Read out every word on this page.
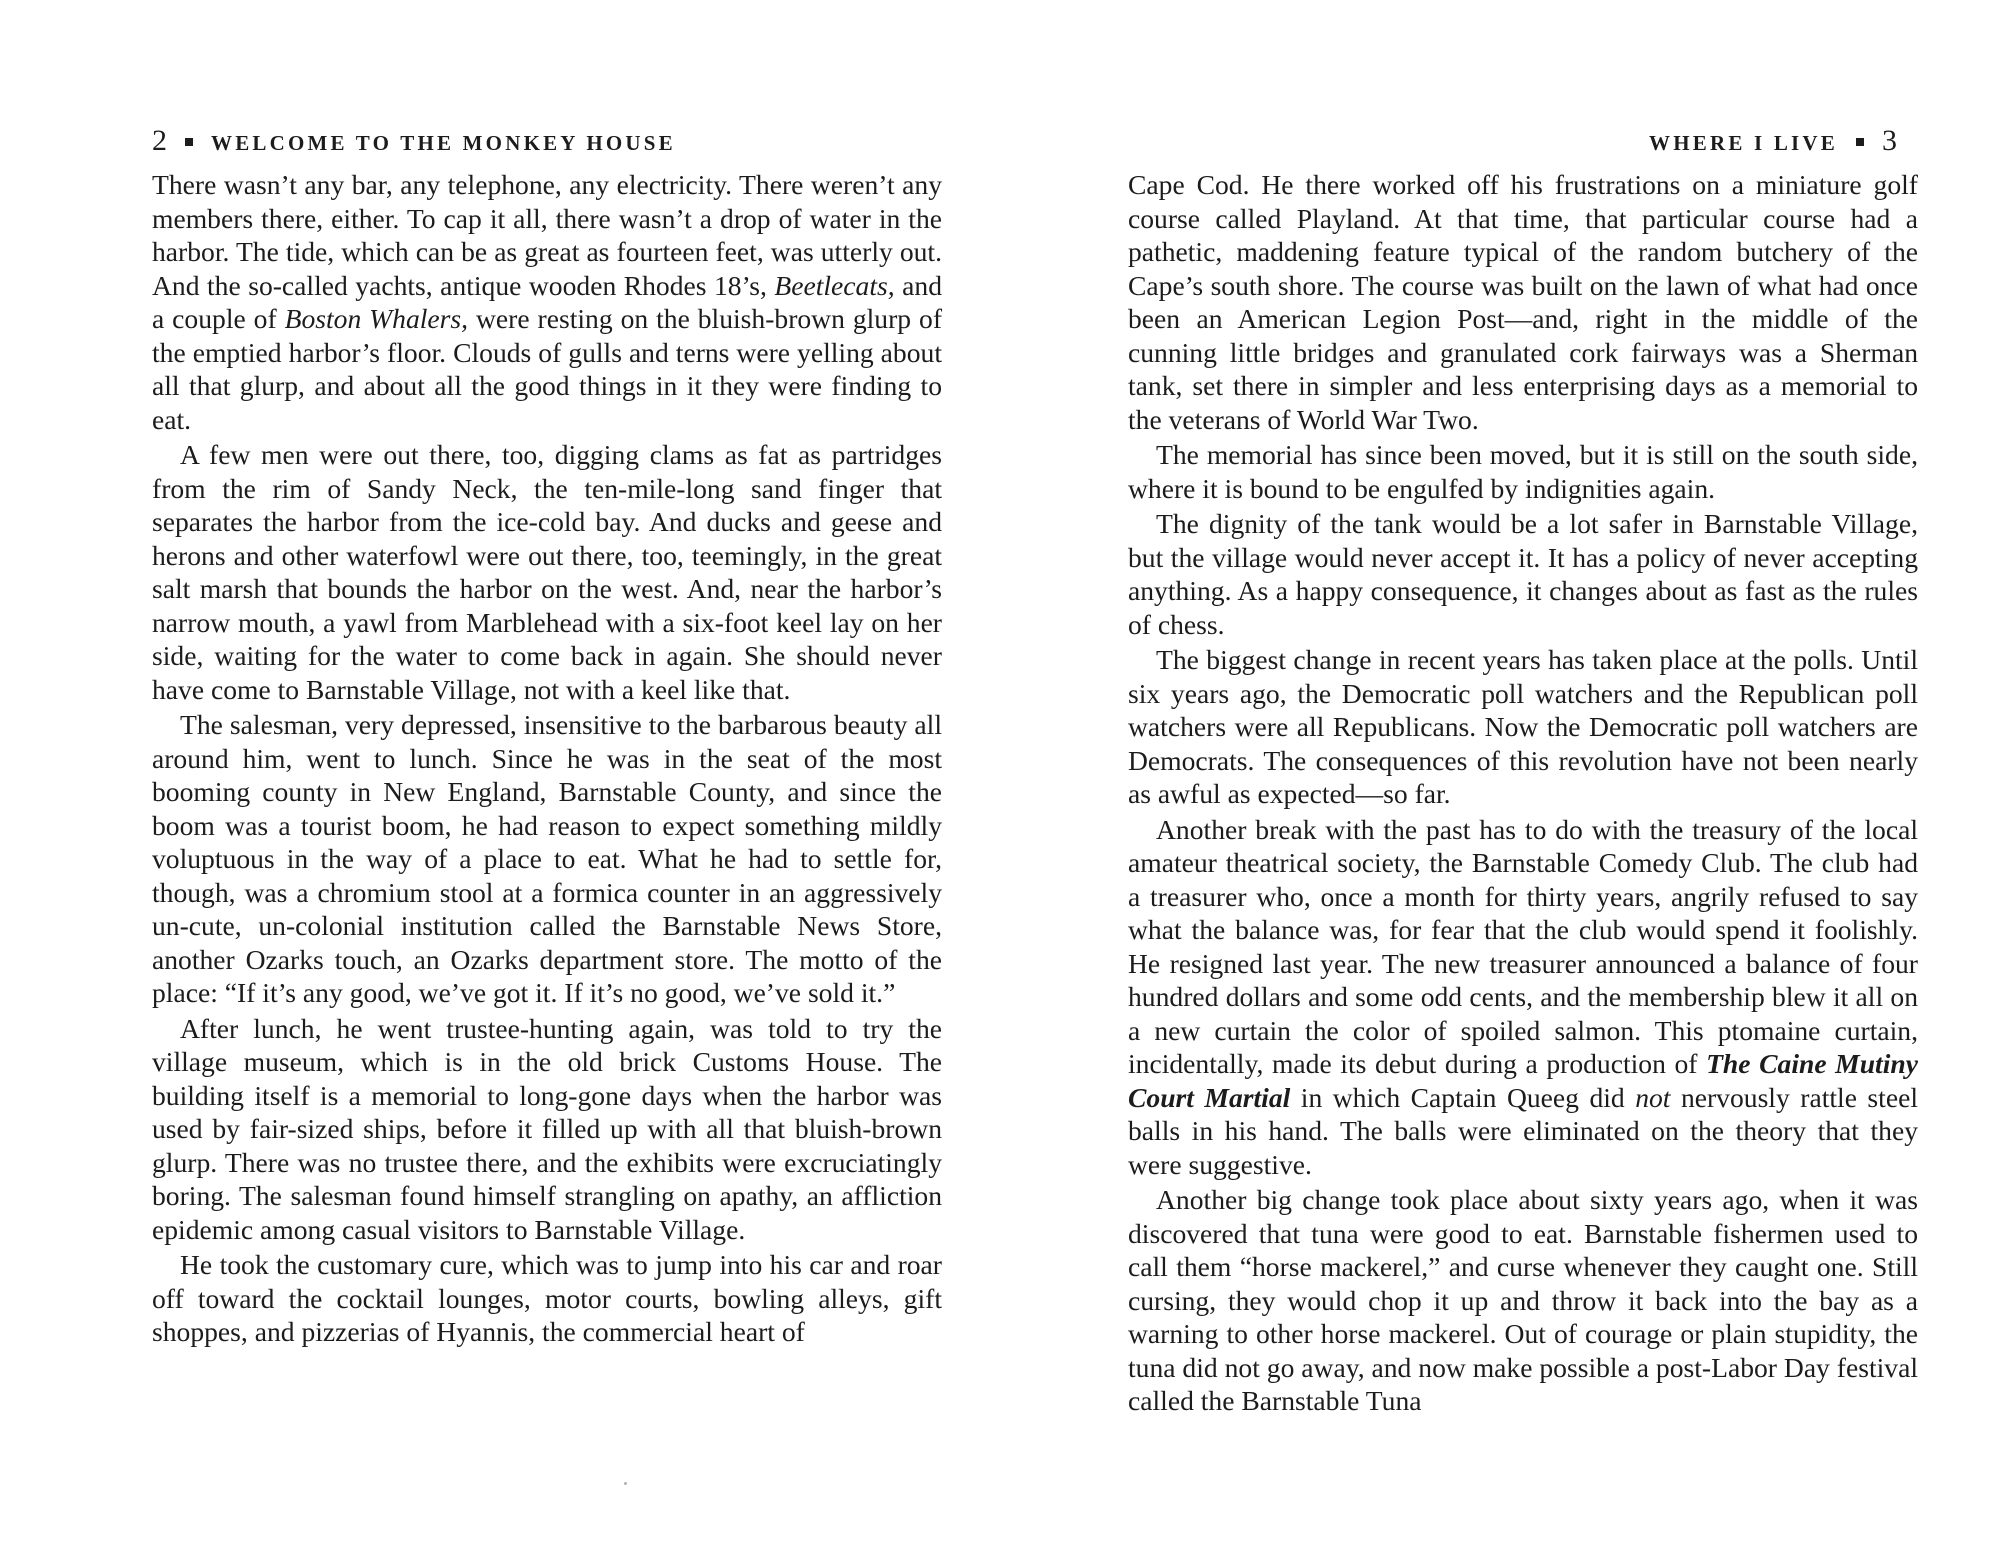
2 WELCOME TO THE MONKEY HOUSE

There wasn’t any bar, any telephone, any electricity. There weren’t any members there, either. To cap it all, there wasn’t a drop of water in the harbor. The tide, which can be as great as fourteen feet, was utterly out. And the so-called yachts, antique wooden Rhodes 18’s, Beetlecats, and a couple of Boston Whalers, were resting on the bluish-brown glurp of the emptied harbor’s floor. Clouds of gulls and terns were yelling about all that glurp, and about all the good things in it they were finding to eat.

A few men were out there, too, digging clams as fat as partridges from the rim of Sandy Neck, the ten-mile-long sand finger that separates the harbor from the ice-cold bay. And ducks and geese and herons and other waterfowl were out there, too, teemingly, in the great salt marsh that bounds the harbor on the west. And, near the harbor’s narrow mouth, a yawl from Marblehead with a six-foot keel lay on her side, waiting for the water to come back in again. She should never have come to Barnstable Village, not with a keel like that.

The salesman, very depressed, insensitive to the barbarous beauty all around him, went to lunch. Since he was in the seat of the most booming county in New England, Barnstable County, and since the boom was a tourist boom, he had reason to expect something mildly voluptuous in the way of a place to eat. What he had to settle for, though, was a chromium stool at a formica counter in an aggressively un-cute, un-colonial institution called the Barnstable News Store, another Ozarks touch, an Ozarks department store. The motto of the place: “If it’s any good, we’ve got it. If it’s no good, we’ve sold it.”

After lunch, he went trustee-hunting again, was told to try the village museum, which is in the old brick Customs House. The building itself is a memorial to long-gone days when the harbor was used by fair-sized ships, before it filled up with all that bluish-brown glurp. There was no trustee there, and the exhibits were excruciatingly boring. The salesman found himself strangling on apathy, an affliction epidemic among casual visitors to Barnstable Village.

He took the customary cure, which was to jump into his car and roar off toward the cocktail lounges, motor courts, bowling alleys, gift shoppes, and pizzerias of Hyannis, the commercial heart of

WHERE I LIVE 3

Cape Cod. He there worked off his frustrations on a miniature golf course called Playland. At that time, that particular course had a pathetic, maddening feature typical of the random butchery of the Cape’s south shore. The course was built on the lawn of what had once been an American Legion Post—and, right in the middle of the cunning little bridges and granulated cork fairways was a Sherman tank, set there in simpler and less enterprising days as a memorial to the veterans of World War Two.

The memorial has since been moved, but it is still on the south side, where it is bound to be engulfed by indignities again.

The dignity of the tank would be a lot safer in Barnstable Village, but the village would never accept it. It has a policy of never accepting anything. As a happy consequence, it changes about as fast as the rules of chess.

The biggest change in recent years has taken place at the polls. Until six years ago, the Democratic poll watchers and the Republican poll watchers were all Republicans. Now the Democratic poll watchers are Democrats. The consequences of this revolution have not been nearly as awful as expected—so far.

Another break with the past has to do with the treasury of the local amateur theatrical society, the Barnstable Comedy Club. The club had a treasurer who, once a month for thirty years, angrily refused to say what the balance was, for fear that the club would spend it foolishly. He resigned last year. The new treasurer announced a balance of four hundred dollars and some odd cents, and the membership blew it all on a new curtain the color of spoiled salmon. This ptomaine curtain, incidentally, made its debut during a production of The Caine Mutiny Court Martial in which Captain Queeg did not nervously rattle steel balls in his hand. The balls were eliminated on the theory that they were suggestive.

Another big change took place about sixty years ago, when it was discovered that tuna were good to eat. Barnstable fishermen used to call them “horse mackerel,” and curse whenever they caught one. Still cursing, they would chop it up and throw it back into the bay as a warning to other horse mackerel. Out of courage or plain stupidity, the tuna did not go away, and now make possible a post-Labor Day festival called the Barnstable Tuna
